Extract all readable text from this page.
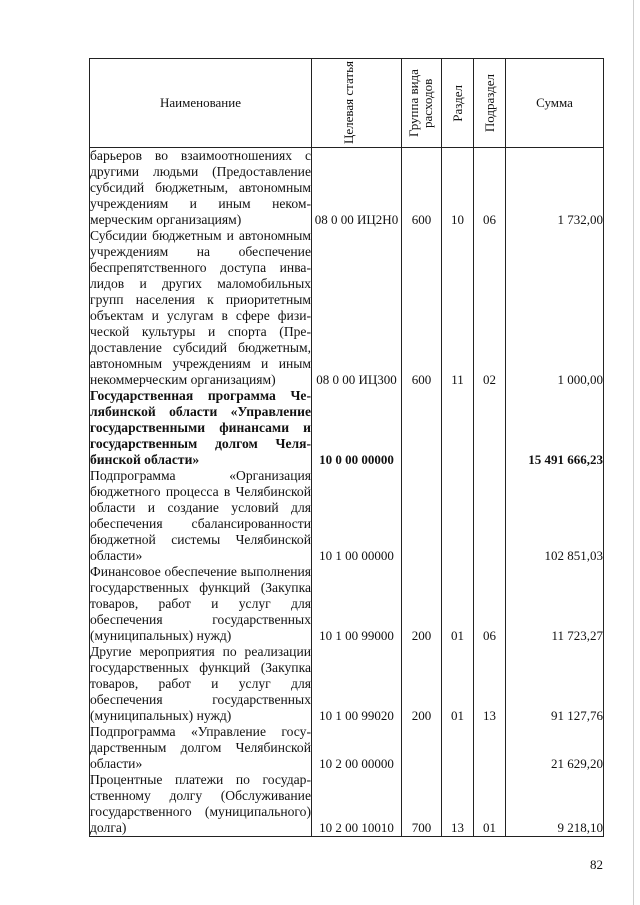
Наименование	Целевая статья	Группа вида расходов	Раздел	Подраздел	Сумма
барьеров во взаимоотношениях с другими людьми (Предоставление субсидий бюджетным, автономным учреждениям и иным некоммерческим организациям)	08 0 00 ИЦ2Н0	600	10	06	1 732,00
Субсидии бюджетным и автономным учреждениям на обеспечение беспрепятственного доступа инвалидов и других маломобильных групп населения к приоритетным объектам и услугам в сфере физической культуры и спорта (Предоставление субсидий бюджетным, автономным учреждениям и иным некоммерческим организациям)	08 0 00 ИЦ300	600	11	02	1 000,00
Государственная программа Челябинской области «Управление государственными финансами и государственным долгом Челябинской области»	10 0 00 00000				15 491 666,23
Подпрограмма «Организация бюджетного процесса в Челябинской области и создание условий для обеспечения сбалансированности бюджетной системы Челябинской области»	10 1 00 00000				102 851,03
Финансовое обеспечение выполнения государственных функций (Закупка товаров, работ и услуг для обеспечения государственных (муниципальных) нужд)	10 1 00 99000	200	01	06	11 723,27
Другие мероприятия по реализации государственных функций (Закупка товаров, работ и услуг для обеспечения государственных (муниципальных) нужд)	10 1 00 99020	200	01	13	91 127,76
Подпрограмма «Управление государственным долгом Челябинской области»	10 2 00 00000				21 629,20
Процентные платежи по государственному долгу (Обслуживание государственного (муниципального) долга)	10 2 00 10010	700	13	01	9 218,10
82
